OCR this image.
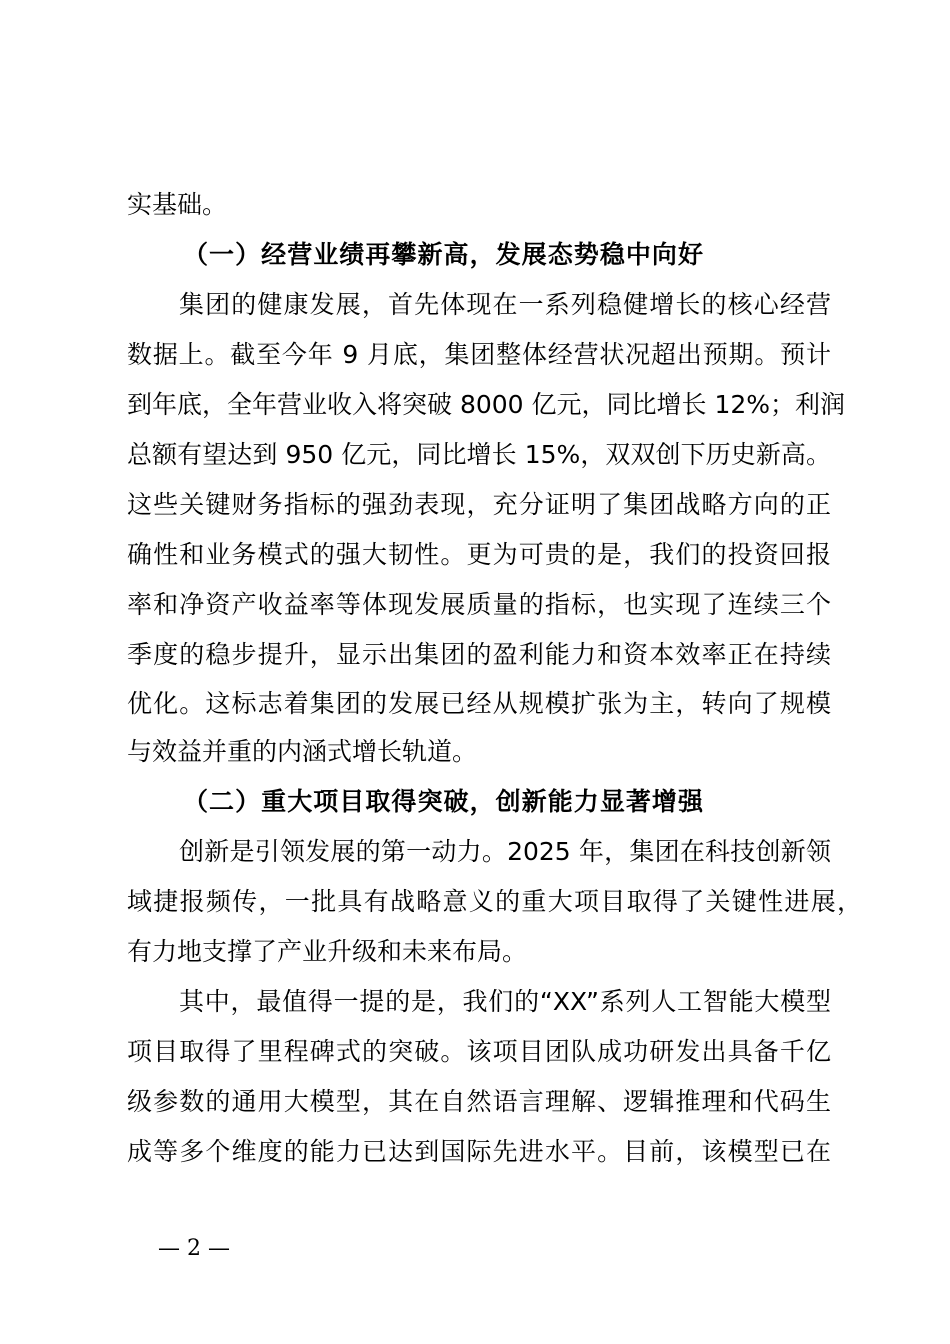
实基础。
（一）经营业绩再攀新高，发展态势稳中向好
集团的健康发展，首先体现在一系列稳健增长的核心经营
数据上。截至今年 9 月底，集团整体经营状况超出预期。预计
到年底，全年营业收入将突破 8000 亿元，同比增长 12%；利润
总额有望达到 950 亿元，同比增长 15%，双双创下历史新高。
这些关键财务指标的强劲表现，充分证明了集团战略方向的正
确性和业务模式的强大韧性。更为可贵的是，我们的投资回报
率和净资产收益率等体现发展质量的指标，也实现了连续三个
季度的稳步提升，显示出集团的盈利能力和资本效率正在持续
优化。这标志着集团的发展已经从规模扩张为主，转向了规模
与效益并重的内涵式增长轨道。
（二）重大项目取得突破，创新能力显著增强
创新是引领发展的第一动力。2025 年，集团在科技创新领
域捷报频传，一批具有战略意义的重大项目取得了关键性进展，
有力地支撑了产业升级和未来布局。
其中，最值得一提的是，我们的“XX”系列人工智能大模型
项目取得了里程碑式的突破。该项目团队成功研发出具备千亿
级参数的通用大模型，其在自然语言理解、逻辑推理和代码生
成等多个维度的能力已达到国际先进水平。目前，该模型已在
— 2 —
